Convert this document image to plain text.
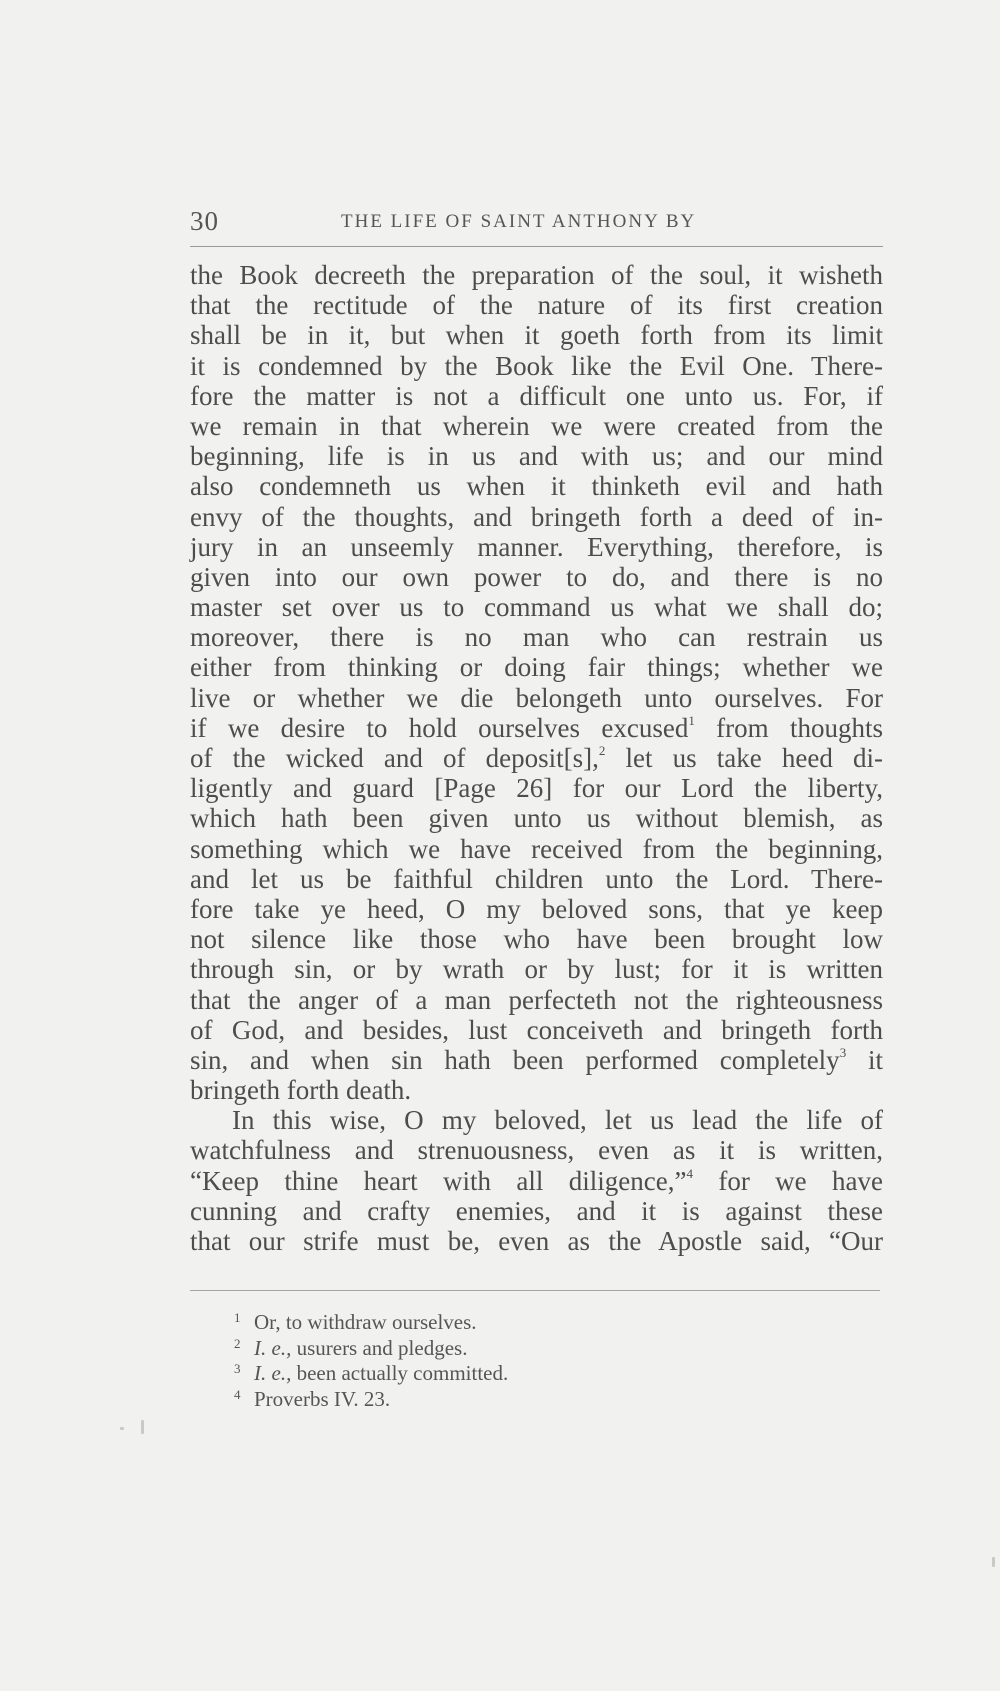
30	THE LIFE OF SAINT ANTHONY BY
the Book decreeth the preparation of the soul, it wisheth
that the rectitude of the nature of its first creation
shall be in it, but when it goeth forth from its limit
it is condemned by the Book like the Evil One. There-
fore the matter is not a difficult one unto us. For, if
we remain in that wherein we were created from the
beginning, life is in us and with us; and our mind
also condemneth us when it thinketh evil and hath
envy of the thoughts, and bringeth forth a deed of in-
jury in an unseemly manner. Everything, therefore, is
given into our own power to do, and there is no
master set over us to command us what we shall do;
moreover, there is no man who can restrain us
either from thinking or doing fair things; whether we
live or whether we die belongeth unto ourselves. For
if we desire to hold ourselves excused$^1$ from thoughts
of the wicked and of deposit[s],$^2$ let us take heed di-
ligently and guard [Page 26] for our Lord the liberty,
which hath been given unto us without blemish, as
something which we have received from the beginning,
and let us be faithful children unto the Lord. There-
fore take ye heed, O my beloved sons, that ye keep
not silence like those who have been brought low
through sin, or by wrath or by lust; for it is written
that the anger of a man perfecteth not the righteousness
of God, and besides, lust conceiveth and bringeth forth
sin, and when sin hath been performed completely$^3$ it
bringeth forth death.
In this wise, O my beloved, let us lead the life of
watchfulness and strenuousness, even as it is written,
“Keep thine heart with all diligence,”$^4$ for we have
cunning and crafty enemies, and it is against these
that our strife must be, even as the Apostle said, “Our
1 Or, to withdraw ourselves.
2 I. e., usurers and pledges.
3 I. e., been actually committed.
4 Proverbs IV. 23.
